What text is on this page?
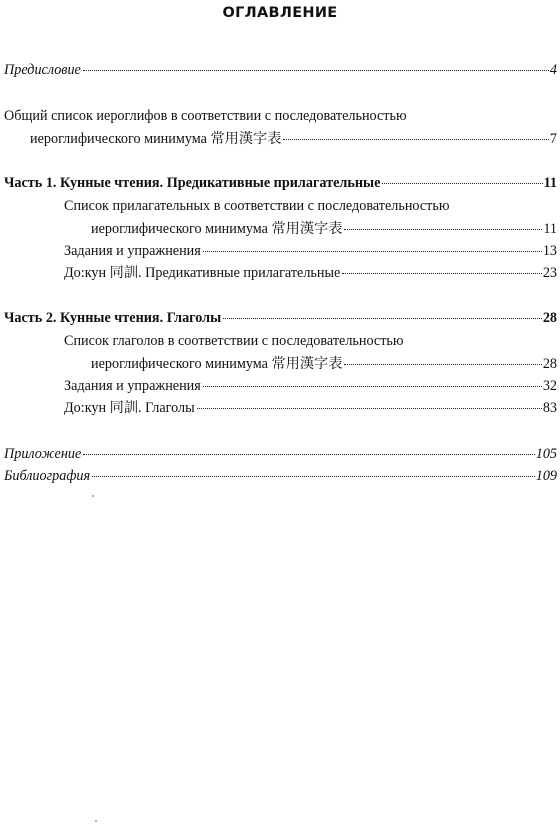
ОГЛАВЛЕНИЕ
Предисловие	4
Общий список иероглифов в соответствии с последовательностью
иероглифического минимума 常用漢字表	7
Часть 1. Кунные чтения. Предикативные прилагательные	11
Список прилагательных в соответствии с последовательностью
иероглифического минимума 常用漢字表	11
Задания и упражнения	13
До:кун 同訓. Предикативные прилагательные	23
Часть 2. Кунные чтения. Глаголы	28
Список глаголов в соответствии с последовательностью
иероглифического минимума 常用漢字表	28
Задания и упражнения	32
До:кун 同訓. Глаголы	83
Приложение	105
Библиография	109
